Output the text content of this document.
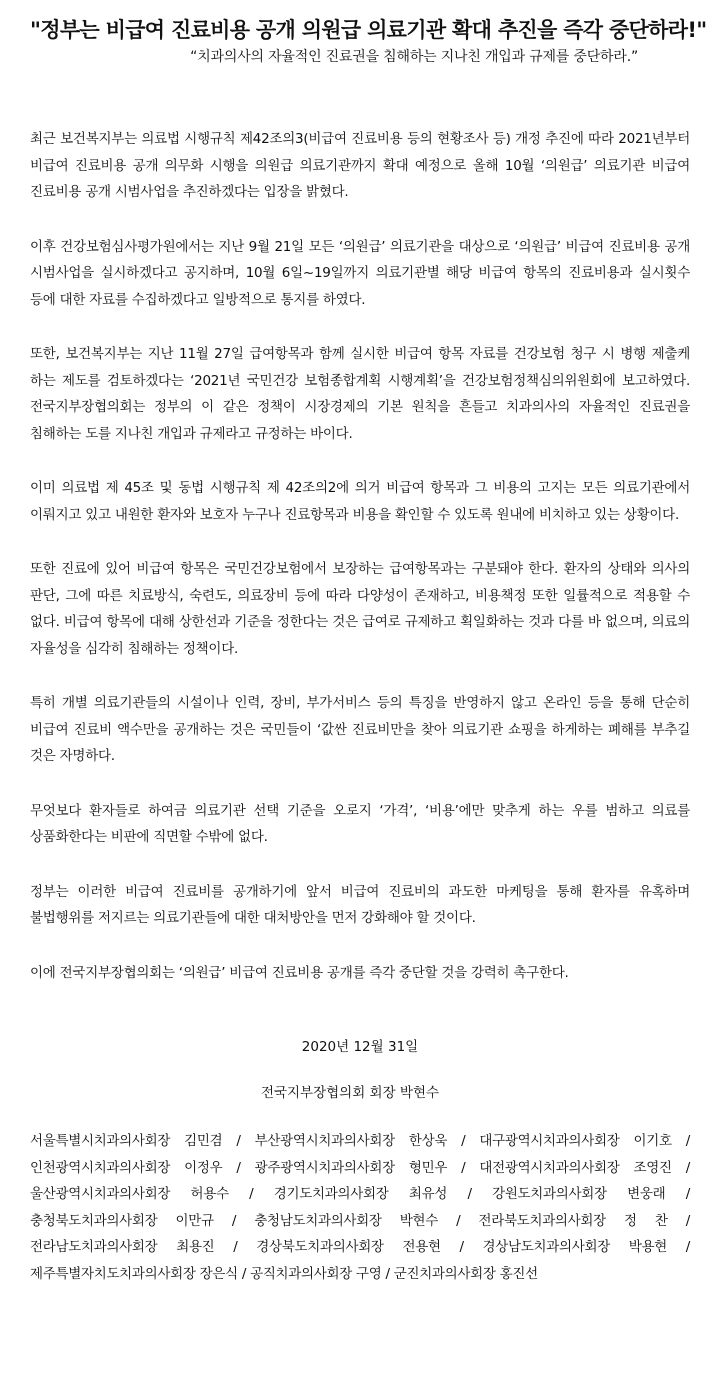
"정부는 비급여 진료비용 공개 의원급 의료기관 확대 추진을 즉각 중단하라!"

“치과의사의 자율적인 진료권을 침해하는 지나친 개입과 규제를 중단하라.”

최근 보건복지부는 의료법 시행규칙 제42조의3(비급여 진료비용 등의 현황조사 등) 개정 추진에 따라 2021년부터 비급여 진료비용 공개 의무화 시행을 의원급 의료기관까지 확대 예정으로 올해 10월 ‘의원급’ 의료기관 비급여 진료비용 공개 시범사업을 추진하겠다는 입장을 밝혔다.

이후 건강보험심사평가원에서는 지난 9월 21일 모든 ‘의원급’ 의료기관을 대상으로 ‘의원급’ 비급여 진료비용 공개 시범사업을 실시하겠다고 공지하며, 10월 6일~19일까지 의료기관별 해당 비급여 항목의 진료비용과 실시횟수 등에 대한 자료를 수집하겠다고 일방적으로 통지를 하였다.

또한, 보건복지부는 지난 11월 27일 급여항목과 함께 실시한 비급여 항목 자료를 건강보험 청구 시 병행 제출케 하는 제도를 검토하겠다는 ‘2021년 국민건강 보험종합계획 시행계획’을 건강보험정책심의위원회에 보고하였다. 전국지부장협의회는 정부의 이 같은 정책이 시장경제의 기본 원칙을 흔들고 치과의사의 자율적인 진료권을 침해하는 도를 지나친 개입과 규제라고 규정하는 바이다.

이미 의료법 제 45조 및 동법 시행규칙 제 42조의2에 의거 비급여 항목과 그 비용의 고지는 모든 의료기관에서 이뤄지고 있고 내원한 환자와 보호자 누구나 진료항목과 비용을 확인할 수 있도록 원내에 비치하고 있는 상황이다.

또한 진료에 있어 비급여 항목은 국민건강보험에서 보장하는 급여항목과는 구분돼야 한다. 환자의 상태와 의사의 판단, 그에 따른 치료방식, 숙련도, 의료장비 등에 따라 다양성이 존재하고, 비용책정 또한 일률적으로 적용할 수 없다. 비급여 항목에 대해 상한선과 기준을 정한다는 것은 급여로 규제하고 획일화하는 것과 다를 바 없으며, 의료의 자율성을 심각히 침해하는 정책이다.

특히 개별 의료기관들의 시설이나 인력, 장비, 부가서비스 등의 특징을 반영하지 않고 온라인 등을 통해 단순히 비급여 진료비 액수만을 공개하는 것은 국민들이 ‘값싼 진료비만을 찾아 의료기관 쇼핑을 하게하는 폐해를 부추길 것은 자명하다.

무엇보다 환자들로 하여금 의료기관 선택 기준을 오로지 ‘가격’, ‘비용’에만 맞추게 하는 우를 범하고 의료를 상품화한다는 비판에 직면할 수밖에 없다.

정부는 이러한 비급여 진료비를 공개하기에 앞서 비급여 진료비의 과도한 마케팅을 통해 환자를 유혹하며 불법행위를 저지르는 의료기관들에 대한 대처방안을 먼저 강화해야 할 것이다.

이에 전국지부장협의회는 ‘의원급’ 비급여 진료비용 공개를 즉각 중단할 것을 강력히 촉구한다.

2020년 12월 31일

전국지부장협의회 회장 박현수

서울특별시치과의사회장 김민겸 / 부산광역시치과의사회장 한상욱 / 대구광역시치과의사회장 이기호 / 인천광역시치과의사회장 이정우 / 광주광역시치과의사회장 형민우 / 대전광역시치과의사회장 조영진 / 울산광역시치과의사회장 허용수 / 경기도치과의사회장 최유성 / 강원도치과의사회장 변웅래 / 충청북도치과의사회장 이만규 / 충청남도치과의사회장 박현수 / 전라북도치과의사회장 정 찬 / 전라남도치과의사회장 최용진 / 경상북도치과의사회장 전용현 / 경상남도치과의사회장 박용현 / 제주특별자치도치과의사회장 장은식 / 공직치과의사회장 구영 / 군진치과의사회장 홍진선
